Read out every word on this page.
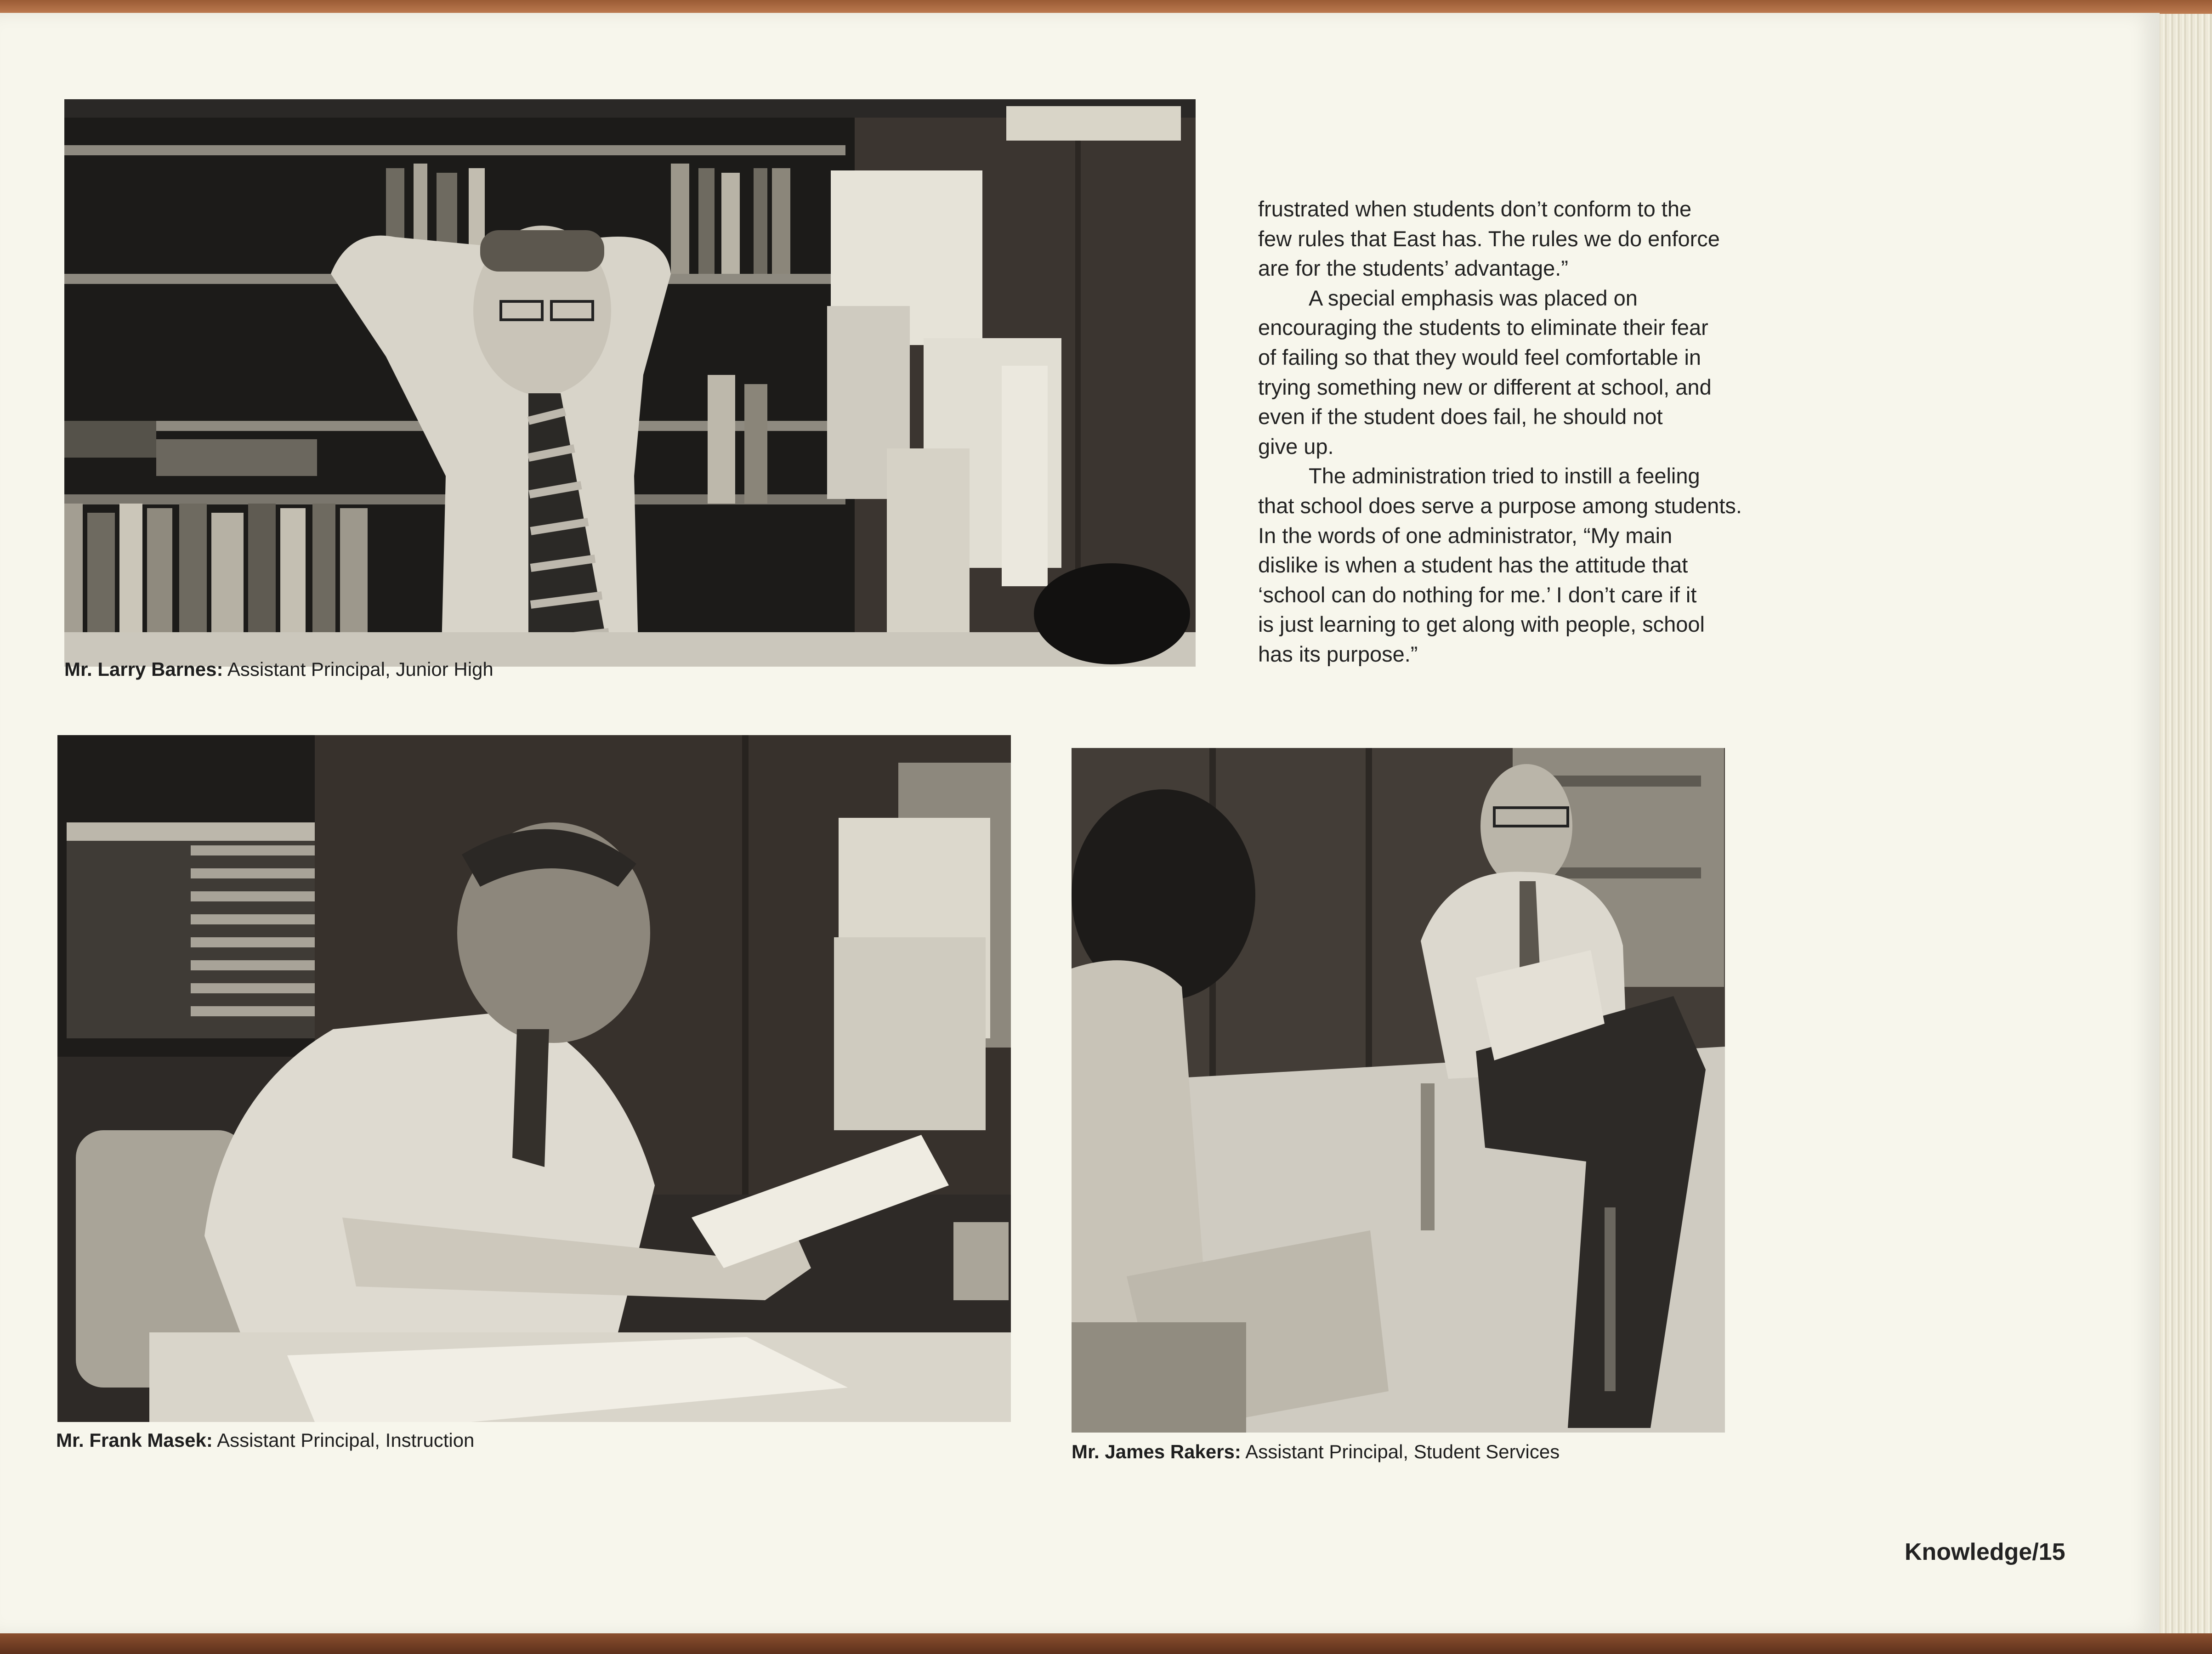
Mr. Larry Barnes: Assistant Principal, Junior High
frustrated when students don’t conform to the
few rules that East has. The rules we do enforce
are for the students’ advantage.”
A special emphasis was placed on
encouraging the students to eliminate their fear
of failing so that they would feel comfortable in
trying something new or different at school, and
even if the student does fail, he should not
give up.
The administration tried to instill a feeling
that school does serve a purpose among students.
In the words of one administrator, “My main
dislike is when a student has the attitude that
‘school can do nothing for me.’ I don’t care if it
is just learning to get along with people, school
has its purpose.”
Mr. Frank Masek: Assistant Principal, Instruction
Mr. James Rakers: Assistant Principal, Student Services
Knowledge/15
